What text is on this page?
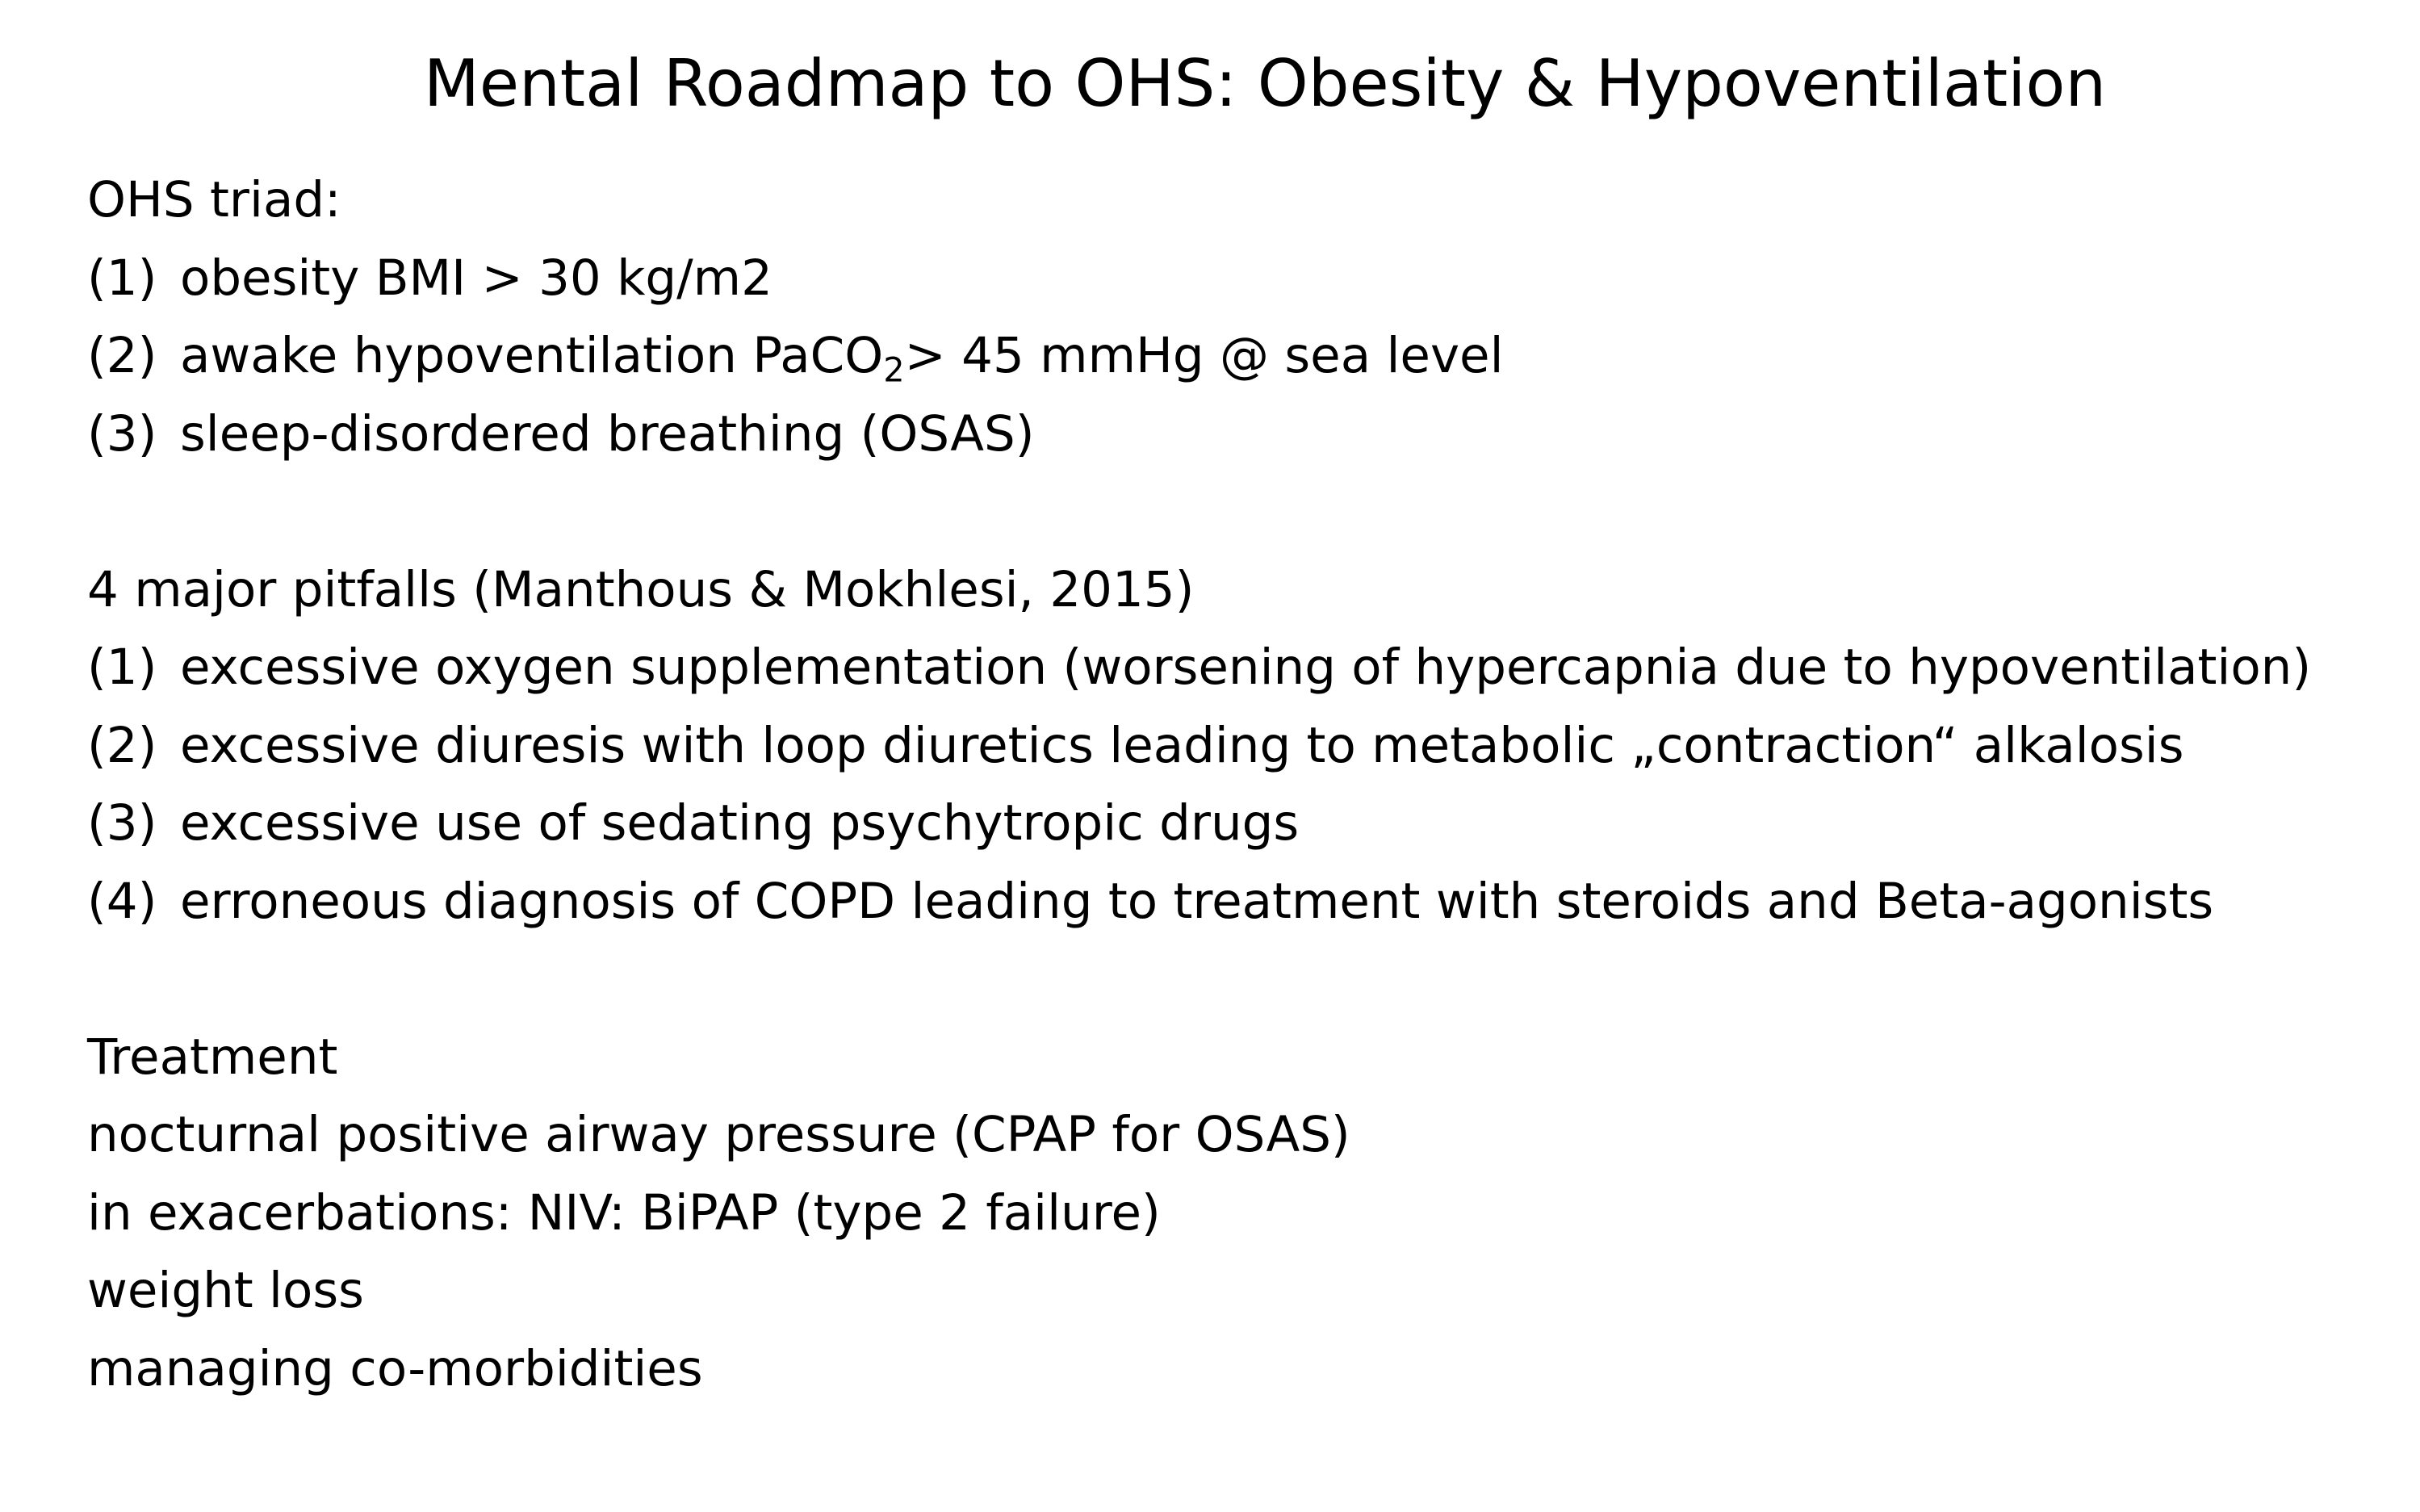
Mental Roadmap to OHS: Obesity & Hypoventilation
OHS triad:
(1) obesity BMI > 30 kg/m2
(2) awake hypoventilation PaCO$_2$> 45 mmHg @ sea level
(3) sleep-disordered breathing (OSAS)
4 major pitfalls (Manthous & Mokhlesi, 2015)
(1) excessive oxygen supplementation (worsening of hypercapnia due to hypoventilation)
(2) excessive diuresis with loop diuretics leading to metabolic „contraction“ alkalosis
(3) excessive use of sedating psychytropic drugs
(4) erroneous diagnosis of COPD leading to treatment with steroids and Beta-agonists
Treatment
nocturnal positive airway pressure (CPAP for OSAS)
in exacerbations: NIV: BiPAP (type 2 failure)
weight loss
managing co-morbidities
